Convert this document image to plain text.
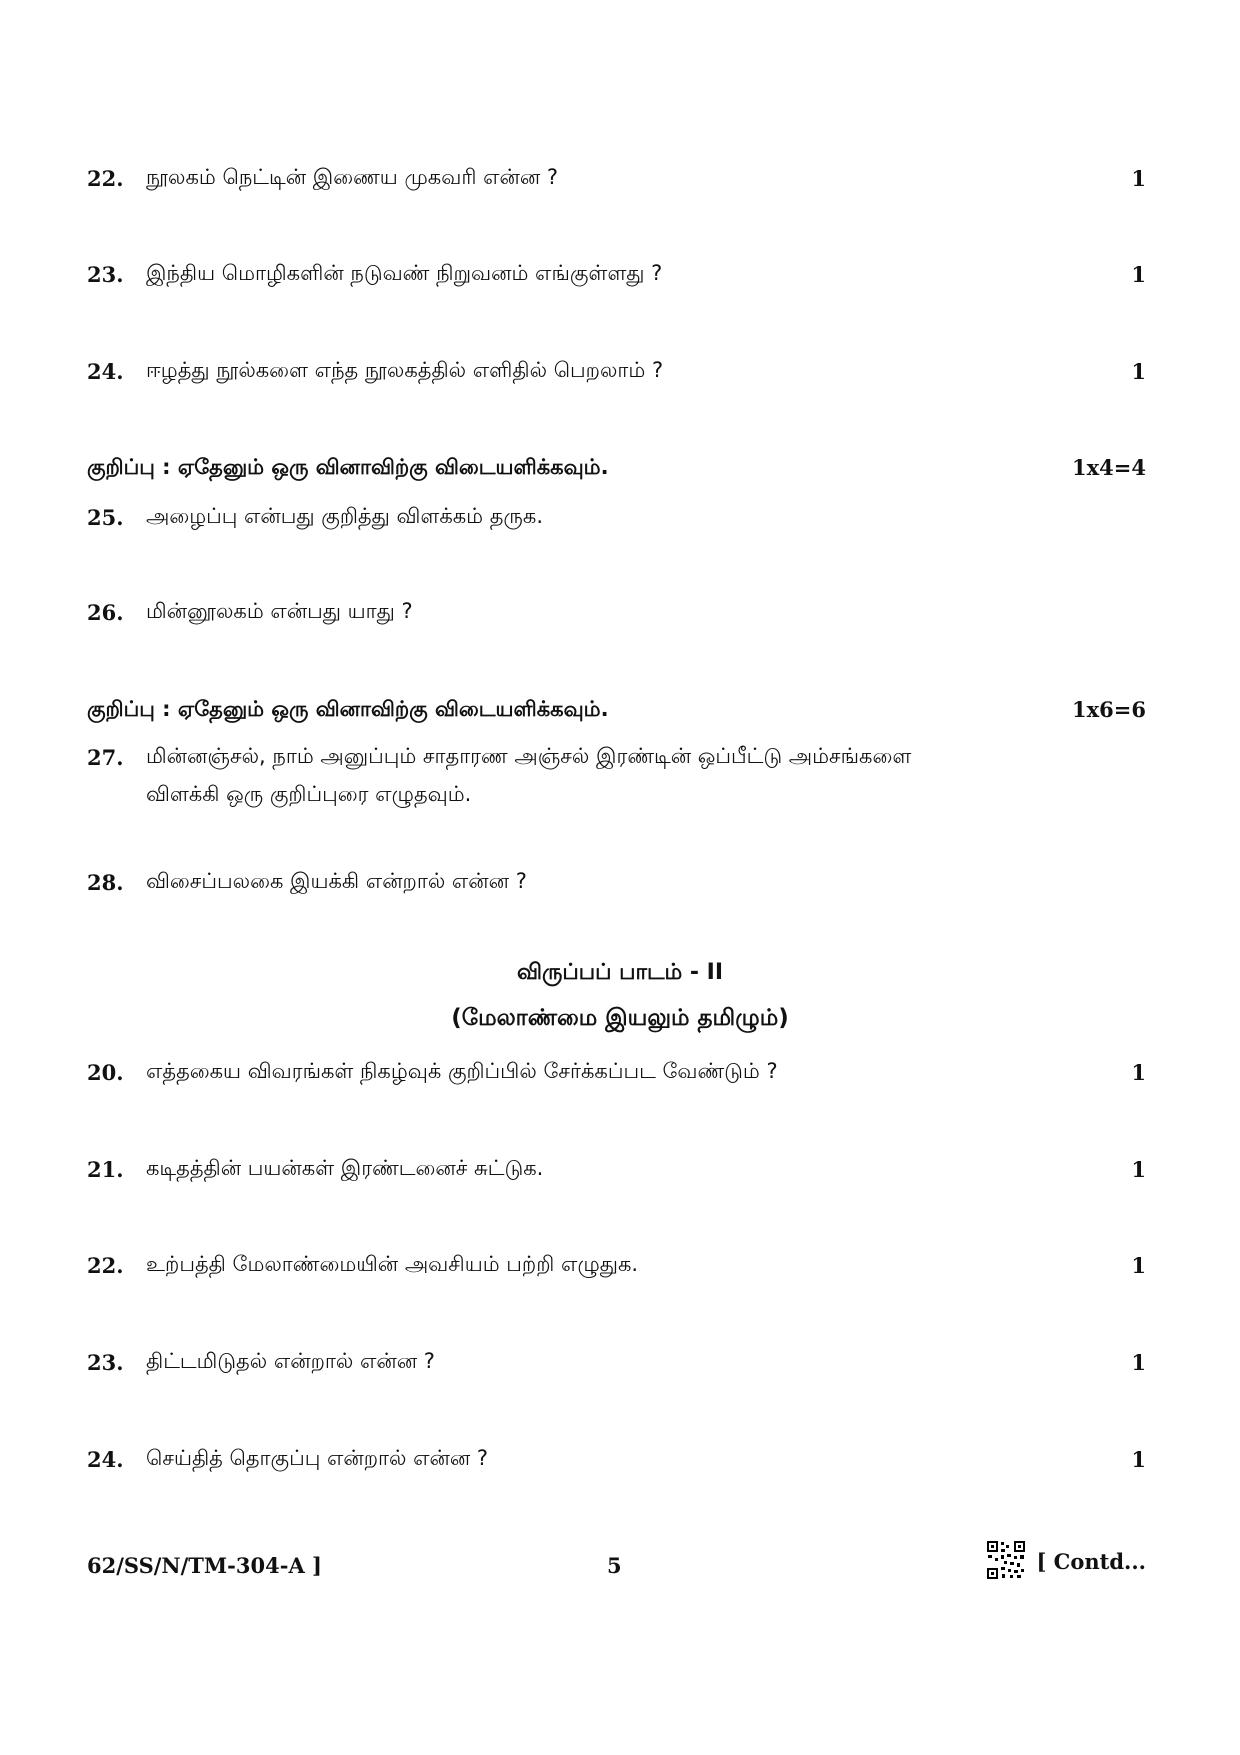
22. நூலகம் நெட்டின் இணைய முகவரி என்ன ?	1
23. இந்திய மொழிகளின் நடுவண் நிறுவனம் எங்குள்ளது ?	1
24. ஈழத்து நூல்களை எந்த நூலகத்தில் எளிதில் பெறலாம் ?	1
குறிப்பு : ஏதேனும் ஒரு வினாவிற்கு விடையளிக்கவும்.	1x4=4
25. அழைப்பு என்பது குறித்து விளக்கம் தருக.
26. மின்னூலகம் என்பது யாது ?
குறிப்பு : ஏதேனும் ஒரு வினாவிற்கு விடையளிக்கவும்.	1x6=6
27. மின்னஞ்சல், நாம் அனுப்பும் சாதாரண அஞ்சல் இரண்டின் ஒப்பீட்டு அம்சங்களை
விளக்கி ஒரு குறிப்புரை எழுதவும்.
28. விசைப்பலகை இயக்கி என்றால் என்ன ?
விருப்பப் பாடம் - II
(மேலாண்மை இயலும் தமிழும்)
20. எத்தகைய விவரங்கள் நிகழ்வுக் குறிப்பில் சேர்க்கப்பட வேண்டும் ?	1
21. கடிதத்தின் பயன்கள் இரண்டனைச் சுட்டுக.	1
22. உற்பத்தி மேலாண்மையின் அவசியம் பற்றி எழுதுக.	1
23. திட்டமிடுதல் என்றால் என்ன ?	1
24. செய்தித் தொகுப்பு என்றால் என்ன ?	1
62/SS/N/TM-304-A ]	5	[ Contd...
